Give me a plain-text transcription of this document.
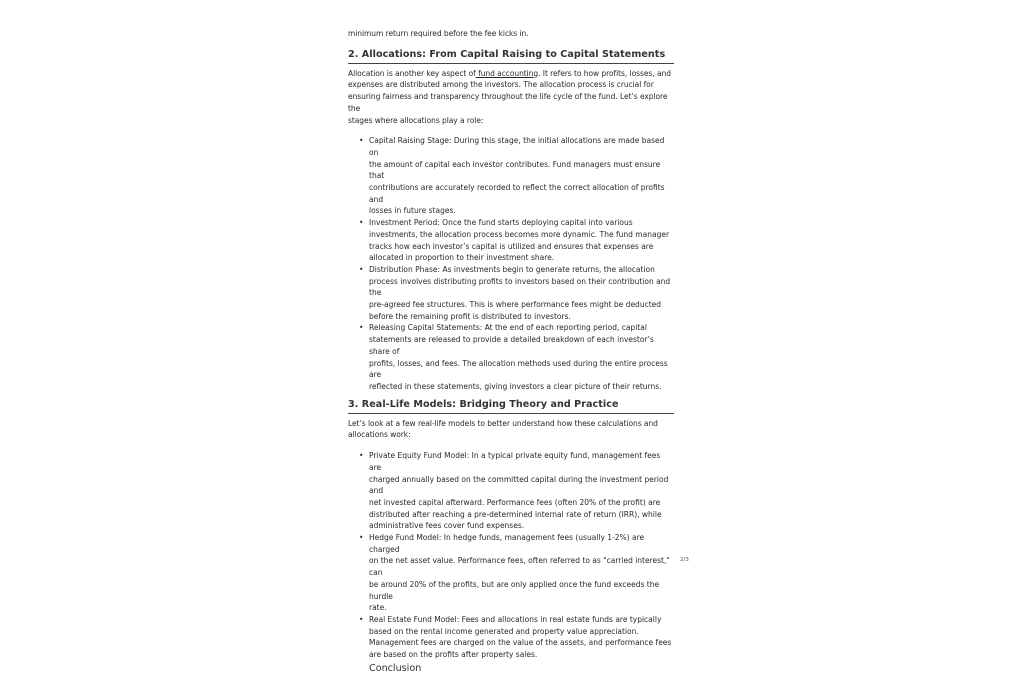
minimum return required before the fee kicks in.

2. Allocations: From Capital Raising to Capital Statements

Allocation is another key aspect of fund accounting. It refers to how profits, losses, and

expenses are distributed among the investors. The allocation process is crucial for

ensuring fairness and transparency throughout the life cycle of the fund. Let’s explore the

stages where allocations play a role:

• Capital Raising Stage: During this stage, the initial allocations are made based on
the amount of capital each investor contributes. Fund managers must ensure that
contributions are accurately recorded to reflect the correct allocation of profits and
losses in future stages.
• Investment Period: Once the fund starts deploying capital into various
investments, the allocation process becomes more dynamic. The fund manager
tracks how each investor’s capital is utilized and ensures that expenses are
allocated in proportion to their investment share.
• Distribution Phase: As investments begin to generate returns, the allocation
process involves distributing profits to investors based on their contribution and the
pre-agreed fee structures. This is where performance fees might be deducted
before the remaining profit is distributed to investors.
• Releasing Capital Statements: At the end of each reporting period, capital
statements are released to provide a detailed breakdown of each investor’s share of
profits, losses, and fees. The allocation methods used during the entire process are
reflected in these statements, giving investors a clear picture of their returns.
3. Real-Life Models: Bridging Theory and Practice

Let’s look at a few real-life models to better understand how these calculations and

allocations work:

• Private Equity Fund Model: In a typical private equity fund, management fees are
charged annually based on the committed capital during the investment period and
net invested capital afterward. Performance fees (often 20% of the profit) are
distributed after reaching a pre-determined internal rate of return (IRR), while
administrative fees cover fund expenses.
• Hedge Fund Model: In hedge funds, management fees (usually 1-2%) are charged
on the net asset value. Performance fees, often referred to as "carried interest," can
be around 20% of the profits, but are only applied once the fund exceeds the hurdle
rate.
• Real Estate Fund Model: Fees and allocations in real estate funds are typically
based on the rental income generated and property value appreciation.
Management fees are charged on the value of the assets, and performance fees
are based on the profits after property sales.

Conclusion

2/3
